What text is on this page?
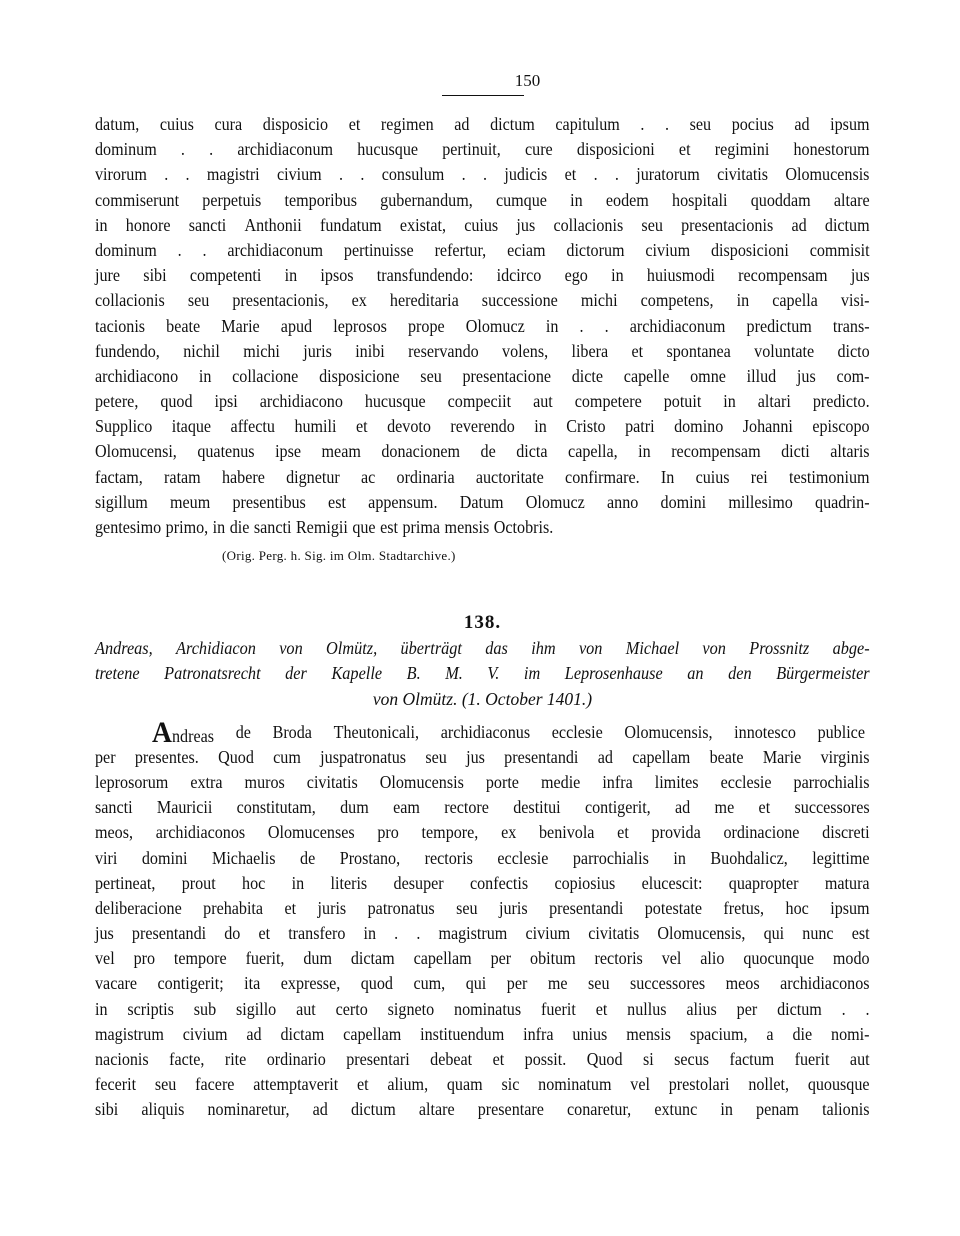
150
datum, cuius cura disposicio et regimen ad dictum capitulum . . seu pocius ad ipsum
dominum . . archidiaconum hucusque pertinuit, cure disposicioni et regimini honestorum
virorum . . magistri civium . . consulum . . judicis et . . juratorum civitatis Olomucensis
commiserunt perpetuis temporibus gubernandum, cumque in eodem hospitali quoddam altare
in honore sancti Anthonii fundatum existat, cuius jus collacionis seu presentacionis ad dictum
dominum . . archidiaconum pertinuisse refertur, eciam dictorum civium disposicioni commisit
jure sibi competenti in ipsos transfundendo: idcirco ego in huiusmodi recompensam jus
collacionis seu presentacionis, ex hereditaria successione michi competens, in capella visi-
tacionis beate Marie apud leprosos prope Olomucz in . . archidiaconum predictum trans-
fundendo, nichil michi juris inibi reservando volens, libera et spontanea voluntate dicto
archidiacono in collacione disposicione seu presentacione dicte capelle omne illud jus com-
petere, quod ipsi archidiacono hucusque compeciit aut competere potuit in altari predicto.
Supplico itaque affectu humili et devoto reverendo in Cristo patri domino Johanni episcopo
Olomucensi, quatenus ipse meam donacionem de dicta capella, in recompensam dicti altaris
factam, ratam habere dignetur ac ordinaria auctoritate confirmare. In cuius rei testimonium
sigillum meum presentibus est appensum. Datum Olomucz anno domini millesimo quadrin-
gentesimo primo, in die sancti Remigii que est prima mensis Octobris.
(Orig. Perg. h. Sig. im Olm. Stadtarchive.)
138.
Andreas, Archidiacon von Olmütz, überträgt das ihm von Michael von Prossnitz abge-
tretene Patronatsrecht der Kapelle B. M. V. im Leprosenhause an den Bürgermeister
von Olmütz. (1. October 1401.)
Andreas de Broda Theutonicali, archidiaconus ecclesie Olomucensis, innotesco publice
per presentes. Quod cum juspatronatus seu jus presentandi ad capellam beate Marie virginis
leprosorum extra muros civitatis Olomucensis porte medie infra limites ecclesie parrochialis
sancti Mauricii constitutam, dum eam rectore destitui contigerit, ad me et successores
meos, archidiaconos Olomucenses pro tempore, ex benivola et provida ordinacione discreti
viri domini Michaelis de Prostano, rectoris ecclesie parrochialis in Buohdalicz, legittime
pertineat, prout hoc in literis desuper confectis copiosius elucescit: quapropter matura
deliberacione prehabita et juris patronatus seu juris presentandi potestate fretus, hoc ipsum
jus presentandi do et transfero in . . magistrum civium civitatis Olomucensis, qui nunc est
vel pro tempore fuerit, dum dictam capellam per obitum rectoris vel alio quocunque modo
vacare contigerit; ita expresse, quod cum, qui per me seu successores meos archidiaconos
in scriptis sub sigillo aut certo signeto nominatus fuerit et nullus alius per dictum . .
magistrum civium ad dictam capellam instituendum infra unius mensis spacium, a die nomi-
nacionis facte, rite ordinario presentari debeat et possit. Quod si secus factum fuerit aut
fecerit seu facere attemptaverit et alium, quam sic nominatum vel prestolari nollet, quousque
sibi aliquis nominaretur, ad dictum altare presentare conaretur, extunc in penam talionis
